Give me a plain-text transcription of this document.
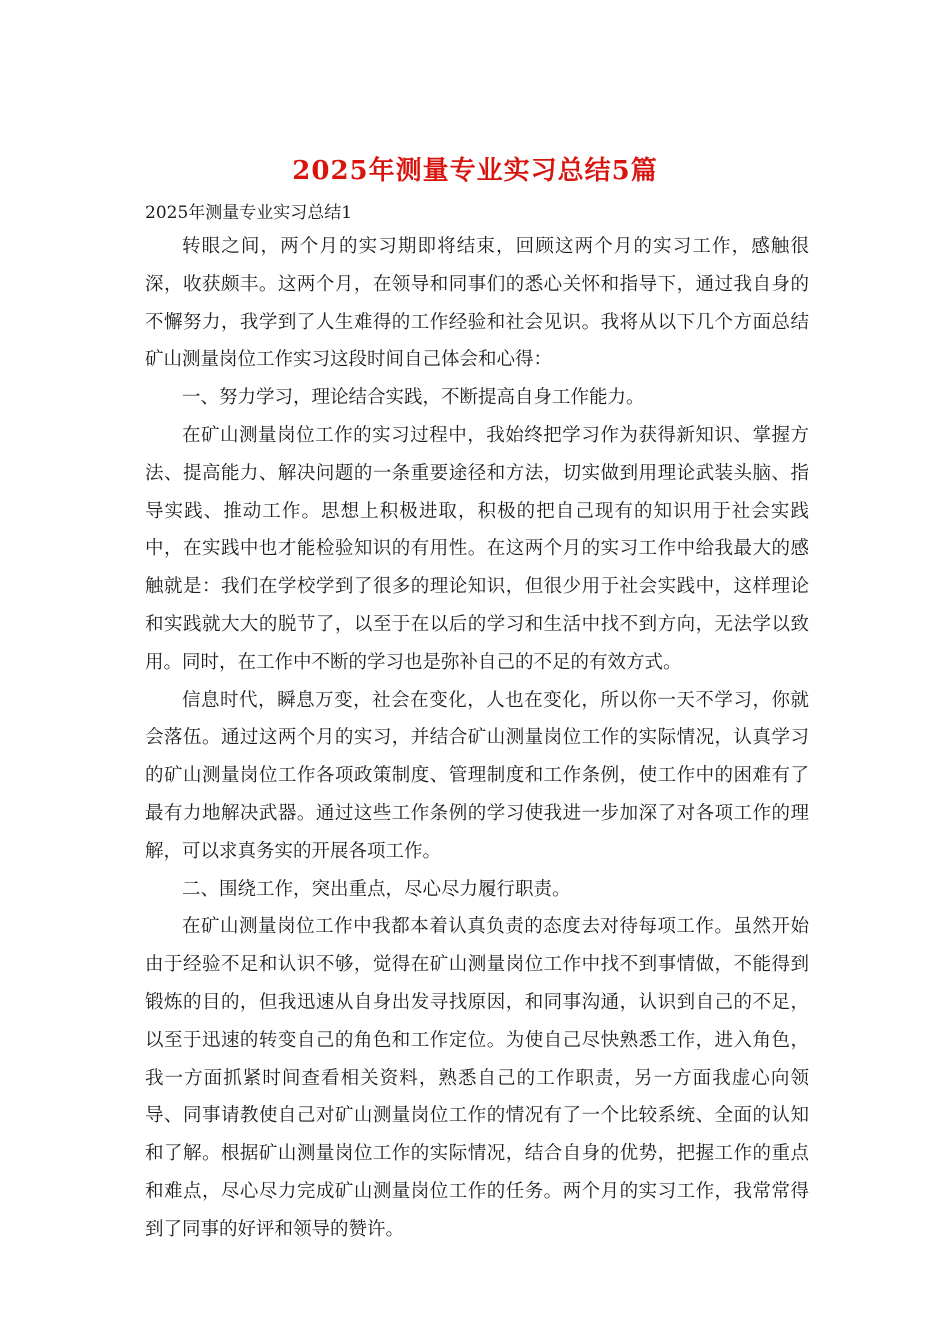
2025年测量专业实习总结5篇

2025年测量专业实习总结1

转眼之间，两个月的实习期即将结束，回顾这两个月的实习工作，感触很深，收获颇丰。这两个月，在领导和同事们的悉心关怀和指导下，通过我自身的不懈努力，我学到了人生难得的工作经验和社会见识。我将从以下几个方面总结矿山测量岗位工作实习这段时间自己体会和心得：

一、努力学习，理论结合实践，不断提高自身工作能力。

在矿山测量岗位工作的实习过程中，我始终把学习作为获得新知识、掌握方法、提高能力、解决问题的一条重要途径和方法，切实做到用理论武装头脑、指导实践、推动工作。思想上积极进取，积极的把自己现有的知识用于社会实践中，在实践中也才能检验知识的有用性。在这两个月的实习工作中给我最大的感触就是：我们在学校学到了很多的理论知识，但很少用于社会实践中，这样理论和实践就大大的脱节了，以至于在以后的学习和生活中找不到方向，无法学以致用。同时，在工作中不断的学习也是弥补自己的不足的有效方式。

信息时代，瞬息万变，社会在变化，人也在变化，所以你一天不学习，你就会落伍。通过这两个月的实习，并结合矿山测量岗位工作的实际情况，认真学习的矿山测量岗位工作各项政策制度、管理制度和工作条例，使工作中的困难有了最有力地解决武器。通过这些工作条例的学习使我进一步加深了对各项工作的理解，可以求真务实的开展各项工作。

二、围绕工作，突出重点，尽心尽力履行职责。

在矿山测量岗位工作中我都本着认真负责的态度去对待每项工作。虽然开始由于经验不足和认识不够，觉得在矿山测量岗位工作中找不到事情做，不能得到锻炼的目的，但我迅速从自身出发寻找原因，和同事沟通，认识到自己的不足，以至于迅速的转变自己的角色和工作定位。为使自己尽快熟悉工作，进入角色，我一方面抓紧时间查看相关资料，熟悉自己的工作职责，另一方面我虚心向领导、同事请教使自己对矿山测量岗位工作的情况有了一个比较系统、全面的认知和了解。根据矿山测量岗位工作的实际情况，结合自身的优势，把握工作的重点和难点，尽心尽力完成矿山测量岗位工作的任务。两个月的实习工作，我常常得到了同事的好评和领导的赞许。
